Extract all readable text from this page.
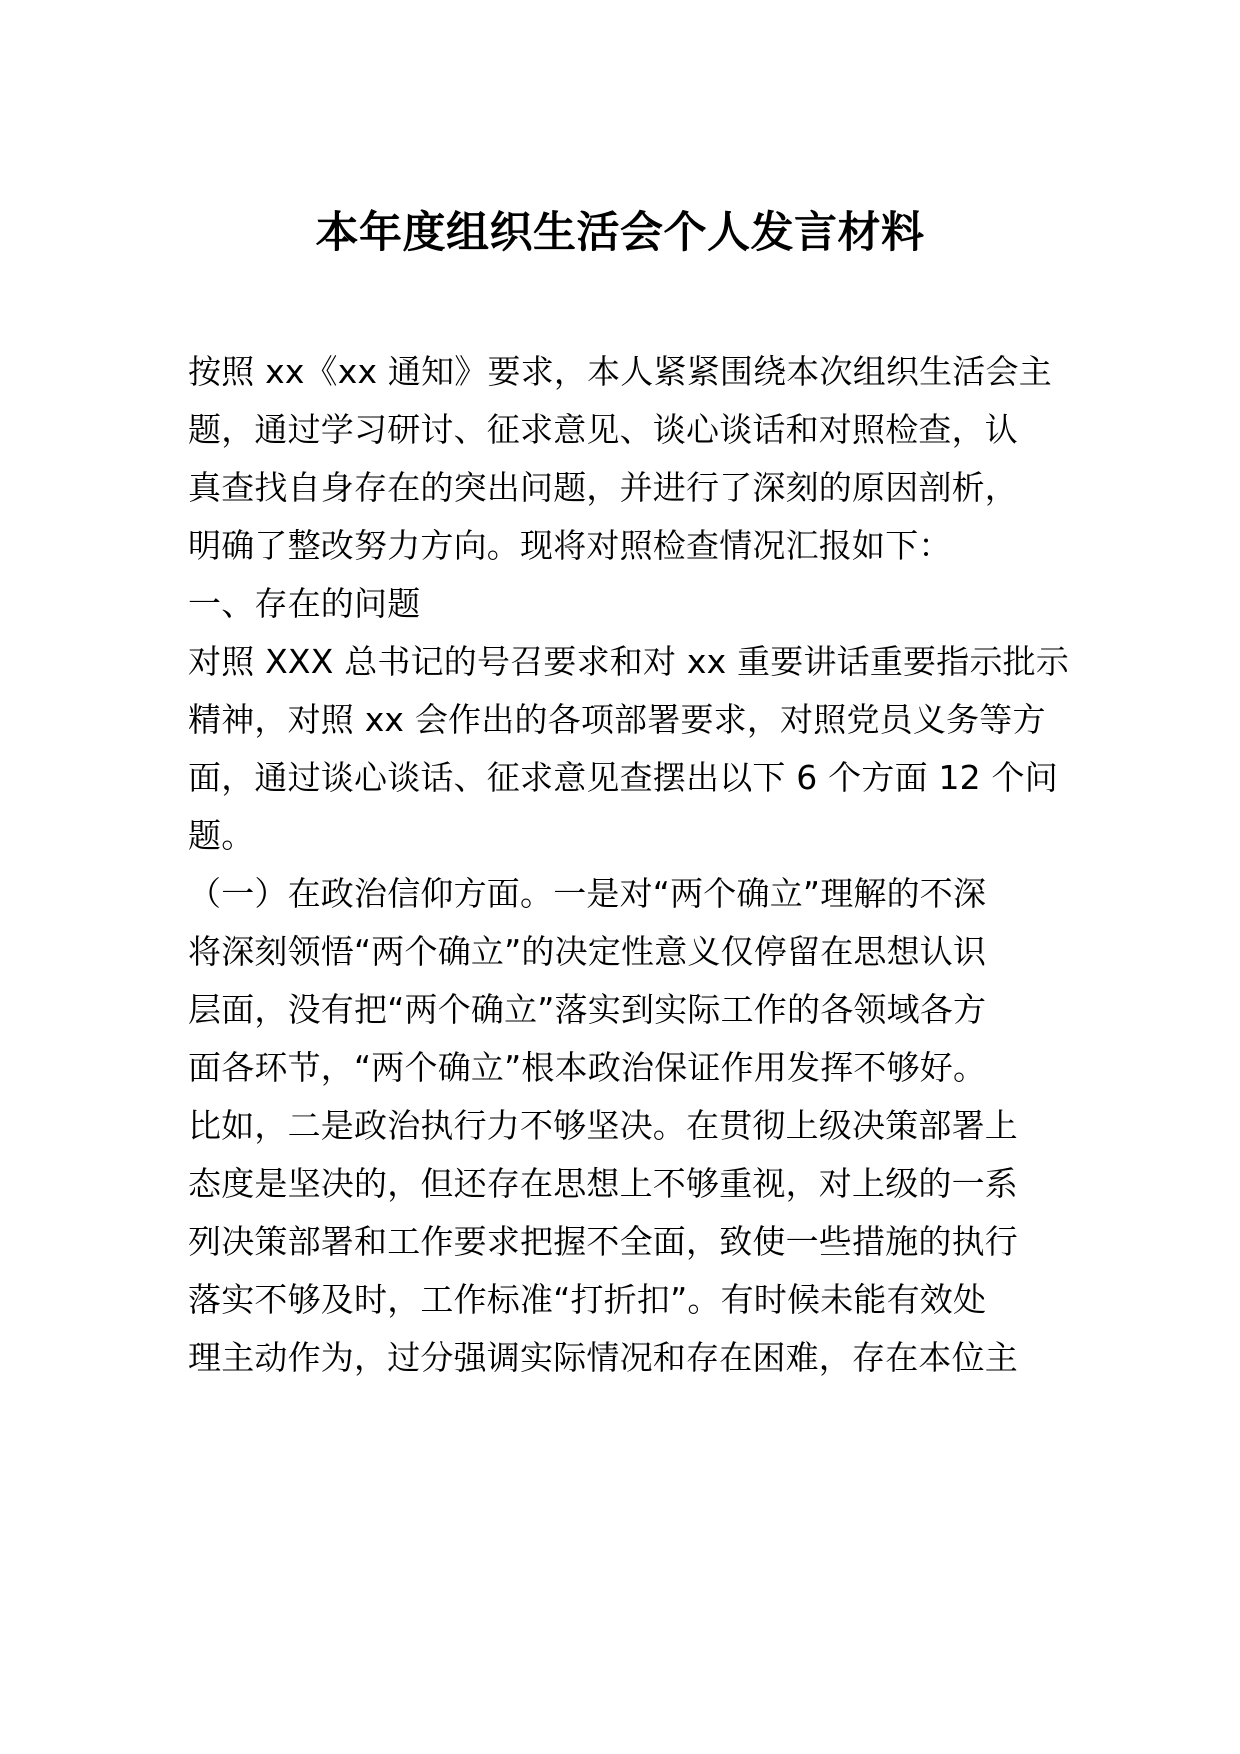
本年度组织生活会个人发言材料
按照 xx《xx 通知》要求，本人紧紧围绕本次组织生活会主
题，通过学习研讨、征求意见、谈心谈话和对照检查，认
真查找自身存在的突出问题，并进行了深刻的原因剖析，
明确了整改努力方向。现将对照检查情况汇报如下：
一、存在的问题
对照 XXX 总书记的号召要求和对 xx 重要讲话重要指示批示
精神，对照 xx 会作出的各项部署要求，对照党员义务等方
面，通过谈心谈话、征求意见查摆出以下 6 个方面 12 个问
题。
（一）在政治信仰方面。一是对“两个确立”理解的不深
将深刻领悟“两个确立”的决定性意义仅停留在思想认识
层面，没有把“两个确立”落实到实际工作的各领域各方
面各环节，“两个确立”根本政治保证作用发挥不够好。
比如，二是政治执行力不够坚决。在贯彻上级决策部署上
态度是坚决的，但还存在思想上不够重视，对上级的一系
列决策部署和工作要求把握不全面，致使一些措施的执行
落实不够及时，工作标准“打折扣”。有时候未能有效处
理主动作为，过分强调实际情况和存在困难，存在本位主
